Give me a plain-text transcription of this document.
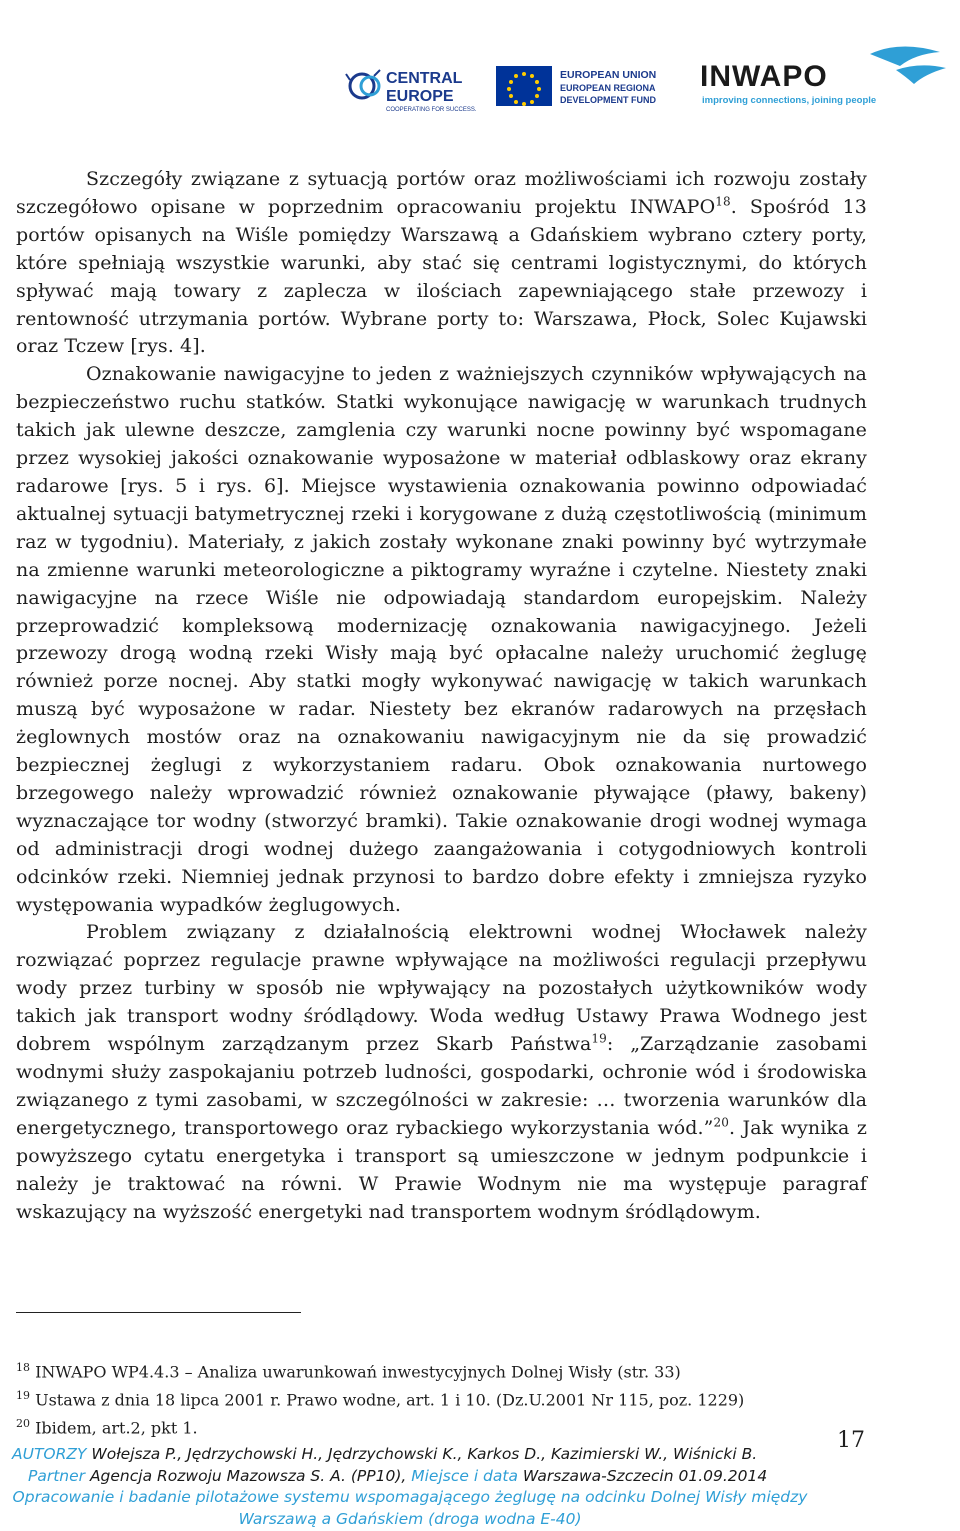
CENTRAL
EUROPE
COOPERATING FOR SUCCESS.
EUROPEAN UNION
EUROPEAN REGIONAL
DEVELOPMENT FUND
INWAPO
improving connections, joining people

Szczegóły związane z sytuacją portów oraz możliwościami ich rozwoju zostały szczegółowo opisane w poprzednim opracowaniu projektu INWAPO$^{18}$. Spośród 13 portów opisanych na Wiśle pomiędzy Warszawą a Gdańskiem wybrano cztery porty, które spełniają wszystkie warunki, aby stać się centrami logistycznymi, do których spływać mają towary z zaplecza w ilościach zapewniającego stałe przewozy i rentowność utrzymania portów. Wybrane porty to: Warszawa, Płock, Solec Kujawski oraz Tczew [rys. 4].

Oznakowanie nawigacyjne to jeden z ważniejszych czynników wpływających na bezpieczeństwo ruchu statków. Statki wykonujące nawigację w warunkach trudnych takich jak ulewne deszcze, zamglenia czy warunki nocne powinny być wspomagane przez wysokiej jakości oznakowanie wyposażone w materiał odblaskowy oraz ekrany radarowe [rys. 5 i rys. 6]. Miejsce wystawienia oznakowania powinno odpowiadać aktualnej sytuacji batymetrycznej rzeki i korygowane z dużą częstotliwością (minimum raz w tygodniu). Materiały, z jakich zostały wykonane znaki powinny być wytrzymałe na zmienne warunki meteorologiczne a piktogramy wyraźne i czytelne. Niestety znaki nawigacyjne na rzece Wiśle nie odpowiadają standardom europejskim. Należy przeprowadzić kompleksową modernizację oznakowania nawigacyjnego. Jeżeli przewozy drogą wodną rzeki Wisły mają być opłacalne należy uruchomić żeglugę również porze nocnej. Aby statki mogły wykonywać nawigację w takich warunkach muszą być wyposażone w radar. Niestety bez ekranów radarowych na przęsłach żeglownych mostów oraz na oznakowaniu nawigacyjnym nie da się prowadzić bezpiecznej żeglugi z wykorzystaniem radaru. Obok oznakowania nurtowego brzegowego należy wprowadzić również oznakowanie pływające (pławy, bakeny) wyznaczające tor wodny (stworzyć bramki). Takie oznakowanie drogi wodnej wymaga od administracji drogi wodnej dużego zaangażowania i cotygodniowych kontroli odcinków rzeki. Niemniej jednak przynosi to bardzo dobre efekty i zmniejsza ryzyko występowania wypadków żeglugowych.

Problem związany z działalnością elektrowni wodnej Włocławek należy rozwiązać poprzez regulacje prawne wpływające na możliwości regulacji przepływu wody przez turbiny w sposób nie wpływający na pozostałych użytkowników wody takich jak transport wodny śródlądowy. Woda według Ustawy Prawa Wodnego jest dobrem wspólnym zarządzanym przez Skarb Państwa$^{19}$: „Zarządzanie zasobami wodnymi służy zaspokajaniu potrzeb ludności, gospodarki, ochronie wód i środowiska związanego z tymi zasobami, w szczególności w zakresie: … tworzenia warunków dla energetycznego, transportowego oraz rybackiego wykorzystania wód.”$^{20}$. Jak wynika z powyższego cytatu energetyka i transport są umieszczone w jednym podpunkcie i należy je traktować na równi. W Prawie Wodnym nie ma występuje paragraf wskazujący na wyższość energetyki nad transportem wodnym śródlądowym.

$^{18}$ INWAPO WP4.4.3 – Analiza uwarunkowań inwestycyjnych Dolnej Wisły (str. 33)
$^{19}$ Ustawa z dnia 18 lipca 2001 r. Prawo wodne, art. 1 i 10. (Dz.U.2001 Nr 115, poz. 1229)
$^{20}$ Ibidem, art.2, pkt 1.
17
AUTORZY Wołejsza P., Jędrzychowski H., Jędrzychowski K., Karkos D., Kazimierski W., Wiśnicki B.
Partner Agencja Rozwoju Mazowsza S. A. (PP10), Miejsce i data Warszawa-Szczecin 01.09.2014
Opracowanie i badanie pilotażowe systemu wspomagającego żeglugę na odcinku Dolnej Wisły między
Warszawą a Gdańskiem (droga wodna E-40)
